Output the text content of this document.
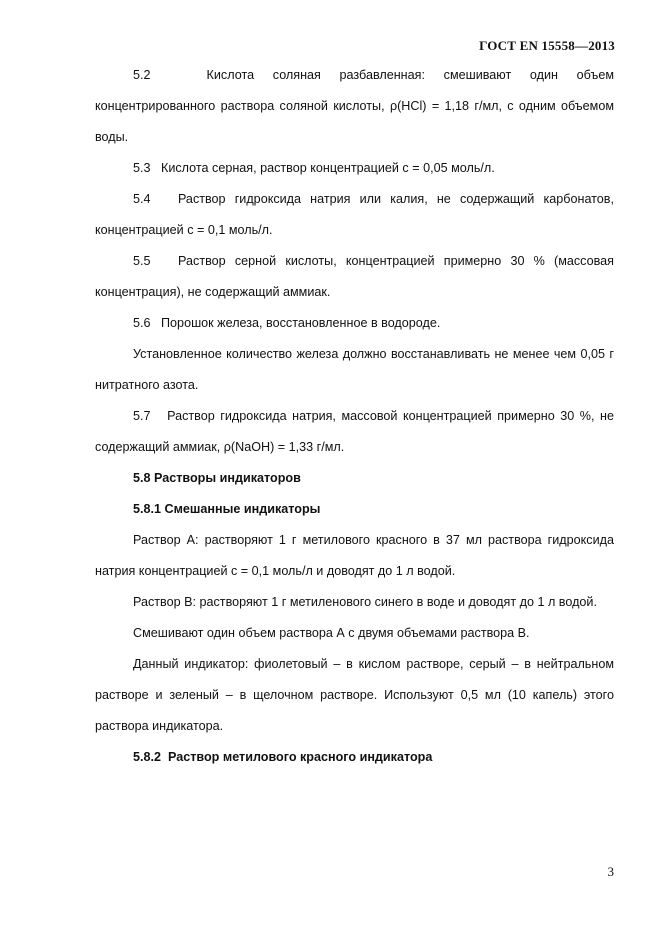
ГОСТ EN 15558—2013

5.2   Кислота соляная разбавленная: смешивают один объем концентрированного раствора соляной кислоты, ρ(HCl) = 1,18 г/мл, с одним объемом воды.

5.3   Кислота серная, раствор концентрацией c = 0,05 моль/л.

5.4   Раствор гидроксида натрия или калия, не содержащий карбонатов, концентрацией c = 0,1 моль/л.

5.5   Раствор серной кислоты, концентрацией примерно 30 % (массовая концентрация), не содержащий аммиак.

5.6   Порошок железа, восстановленное в водороде.

Установленное количество железа должно восстанавливать не менее чем 0,05 г нитратного азота.

5.7   Раствор гидроксида натрия, массовой концентрацией примерно 30 %, не содержащий аммиак, ρ(NaOH) = 1,33 г/мл.

5.8 Растворы индикаторов

5.8.1 Смешанные индикаторы

Раствор А: растворяют 1 г метилового красного в 37 мл раствора гидроксида натрия концентрацией c = 0,1 моль/л и доводят до 1 л водой.

Раствор В: растворяют 1 г метиленового синего в воде и доводят до 1 л водой.

Смешивают один объем раствора А с двумя объемами раствора В.

Данный индикатор: фиолетовый – в кислом растворе, серый – в нейтральном растворе и зеленый – в щелочном растворе. Используют 0,5 мл (10 капель) этого раствора индикатора.

5.8.2  Раствор метилового красного индикатора

3
